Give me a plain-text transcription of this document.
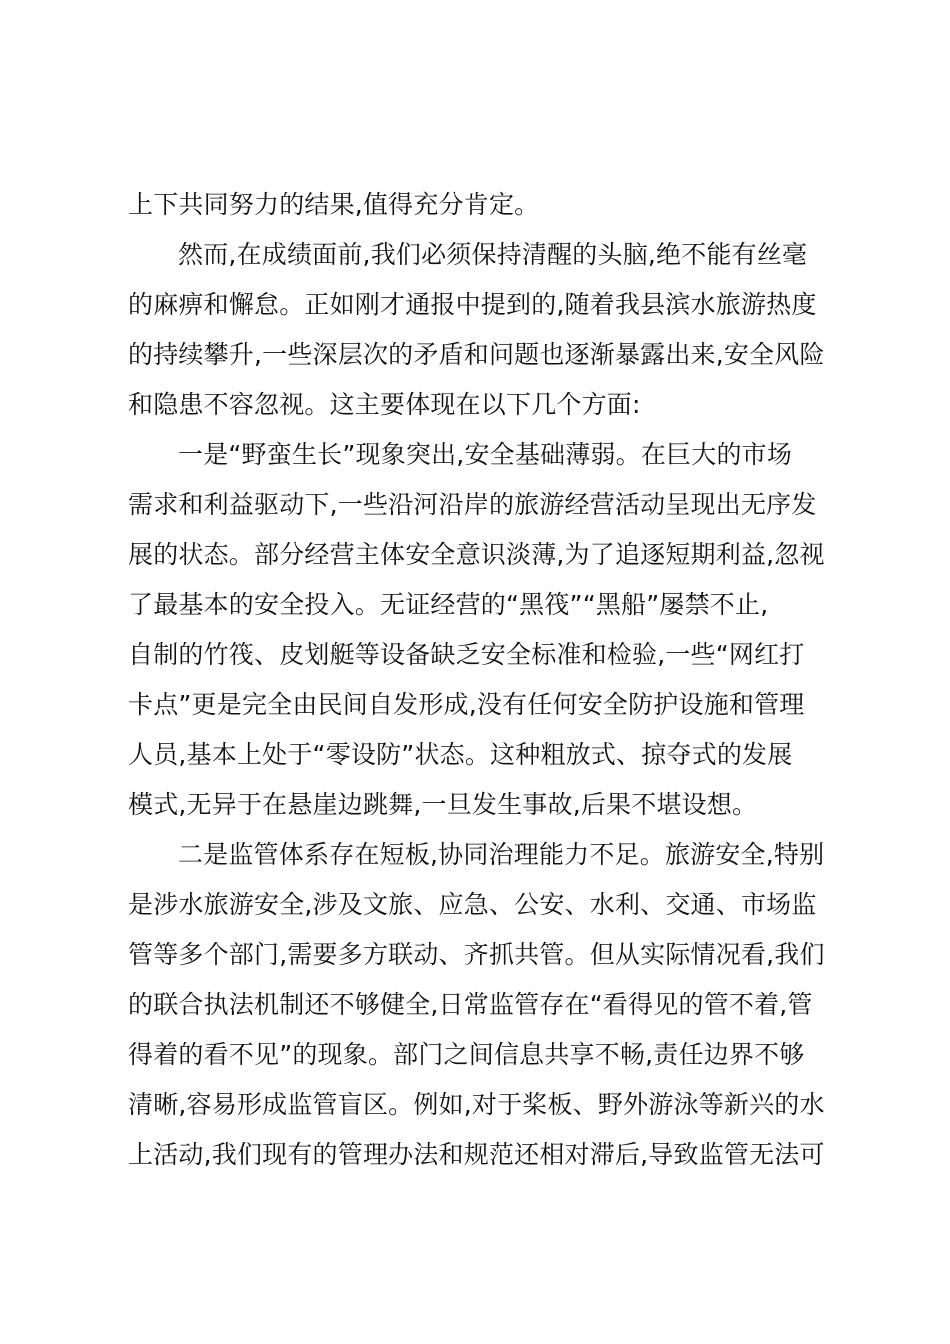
上下共同努力的结果,值得充分肯定。
然而,在成绩面前,我们必须保持清醒的头脑,绝不能有丝毫
的麻痹和懈怠。正如刚才通报中提到的,随着我县滨水旅游热度
的持续攀升,一些深层次的矛盾和问题也逐渐暴露出来,安全风险
和隐患不容忽视。这主要体现在以下几个方面:
一是“野蛮生长”现象突出,安全基础薄弱。在巨大的市场
需求和利益驱动下,一些沿河沿岸的旅游经营活动呈现出无序发
展的状态。部分经营主体安全意识淡薄,为了追逐短期利益,忽视
了最基本的安全投入。无证经营的“黑筏”“黑船”屡禁不止,
自制的竹筏、皮划艇等设备缺乏安全标准和检验,一些“网红打
卡点”更是完全由民间自发形成,没有任何安全防护设施和管理
人员,基本上处于“零设防”状态。这种粗放式、掠夺式的发展
模式,无异于在悬崖边跳舞,一旦发生事故,后果不堪设想。
二是监管体系存在短板,协同治理能力不足。旅游安全,特别
是涉水旅游安全,涉及文旅、应急、公安、水利、交通、市场监
管等多个部门,需要多方联动、齐抓共管。但从实际情况看,我们
的联合执法机制还不够健全,日常监管存在“看得见的管不着,管
得着的看不见”的现象。部门之间信息共享不畅,责任边界不够
清晰,容易形成监管盲区。例如,对于桨板、野外游泳等新兴的水
上活动,我们现有的管理办法和规范还相对滞后,导致监管无法可
